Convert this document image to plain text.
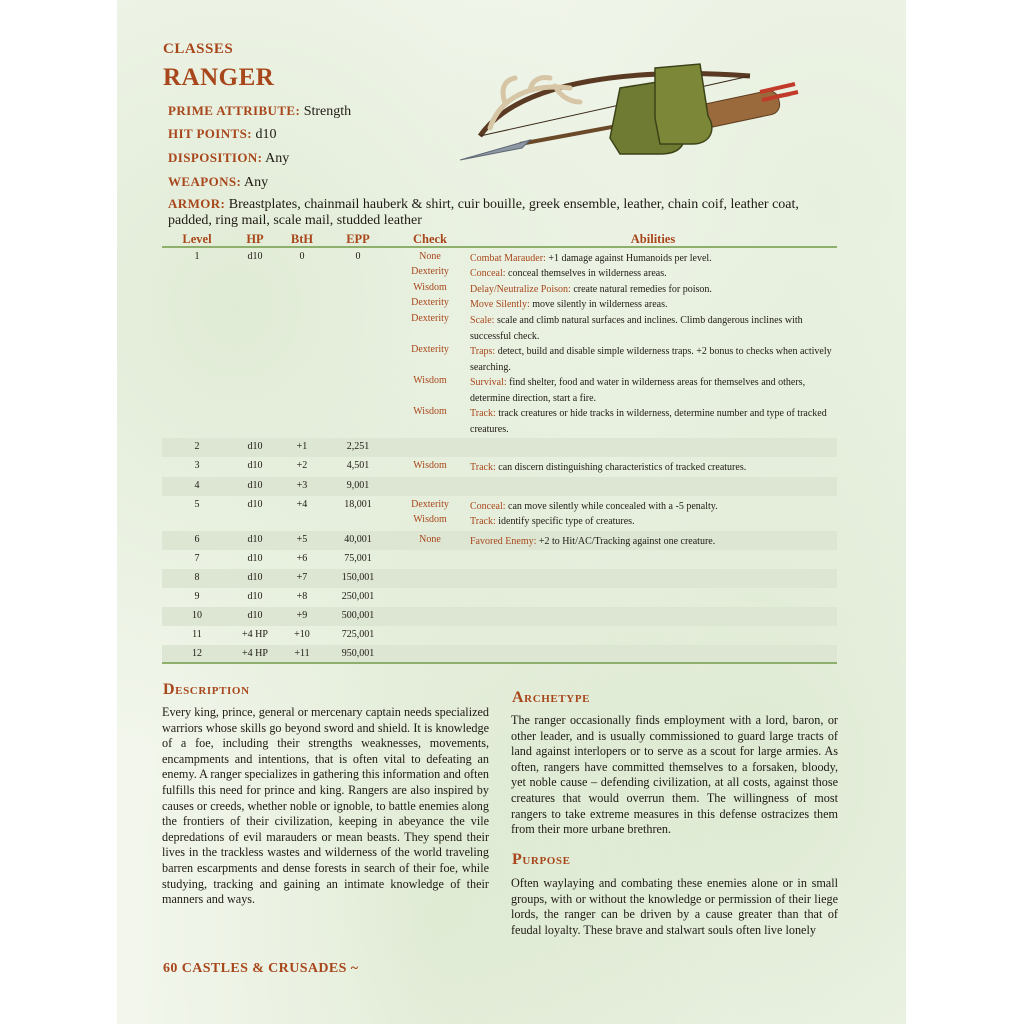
CLASSES
RANGER
PRIME ATTRIBUTE: Strength
HIT POINTS: d10
DISPOSITION: Any
WEAPONS: Any
ARMOR: Breastplates, chainmail hauberk & shirt, cuir bouille, greek ensemble, leather, chain coif, leather coat, padded, ring mail, scale mail, studded leather
Level	HP	BtH	EPP	Check	Abilities
1	d10	0	0	None	Combat Marauder: +1 damage against Humanoids per level.
Dexterity	Conceal: conceal themselves in wilderness areas.
Wisdom	Delay/Neutralize Poison: create natural remedies for poison.
Dexterity	Move Silently: move silently in wilderness areas.
Dexterity	Scale: scale and climb natural surfaces and inclines. Climb dangerous inclines with successful check.
Dexterity	Traps: detect, build and disable simple wilderness traps. +2 bonus to checks when actively searching.
Wisdom	Survival: find shelter, food and water in wilderness areas for themselves and others, determine direction, start a fire.
Wisdom	Track: track creatures or hide tracks in wilderness, determine number and type of tracked creatures.
2	d10	+1	2,251
3	d10	+2	4,501	Wisdom	Track: can discern distinguishing characteristics of tracked creatures.
4	d10	+3	9,001
5	d10	+4	18,001	Dexterity	Conceal: can move silently while concealed with a -5 penalty.
Wisdom	Track: identify specific type of creatures.
6	d10	+5	40,001	None	Favored Enemy: +2 to Hit/AC/Tracking against one creature.
7	d10	+6	75,001
8	d10	+7	150,001
9	d10	+8	250,001
10	d10	+9	500,001
11	+4 HP	+10	725,001
12	+4 HP	+11	950,001
Description
Every king, prince, general or mercenary captain needs specialized warriors whose skills go beyond sword and shield. It is knowledge of a foe, including their strengths weaknesses, movements, encampments and intentions, that is often vital to defeating an enemy. A ranger specializes in gathering this information and often fulfills this need for prince and king. Rangers are also inspired by causes or creeds, whether noble or ignoble, to battle enemies along the frontiers of their civilization, keeping in abeyance the vile depredations of evil marauders or mean beasts. They spend their lives in the trackless wastes and wilderness of the world traveling barren escarpments and dense forests in search of their foe, while studying, tracking and gaining an intimate knowledge of their manners and ways.
Archetype
The ranger occasionally finds employment with a lord, baron, or other leader, and is usually commissioned to guard large tracts of land against interlopers or to serve as a scout for large armies. As often, rangers have committed themselves to a forsaken, bloody, yet noble cause – defending civilization, at all costs, against those creatures that would overrun them. The willingness of most rangers to take extreme measures in this defense ostracizes them from their more urbane brethren.
Purpose
Often waylaying and combating these enemies alone or in small groups, with or without the knowledge or permission of their liege lords, the ranger can be driven by a cause greater than that of feudal loyalty. These brave and stalwart souls often live lonely
60 CASTLES & CRUSADES ~
